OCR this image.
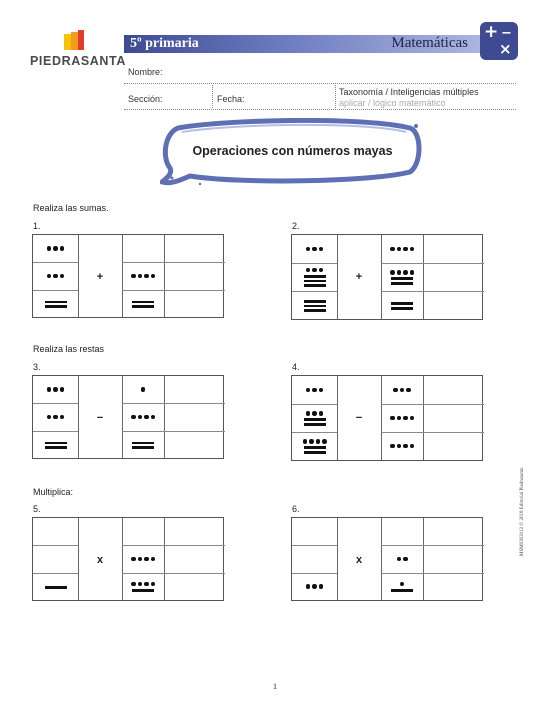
PIEDRASANTA
5º primaria	Matemáticas
+ −
×
Nombre:
Sección:	Fecha:
Taxonomía / Inteligencias múltiples
aplicar / lógico matemático
Operaciones con números mayas
Realiza las sumas.
Realiza las restas
Multiplica:
1.
+
2.
+
3.
−
4.
−
5.
x
6.
x
MSM0302012 © 2018 Editorial Piedrasanta
1
